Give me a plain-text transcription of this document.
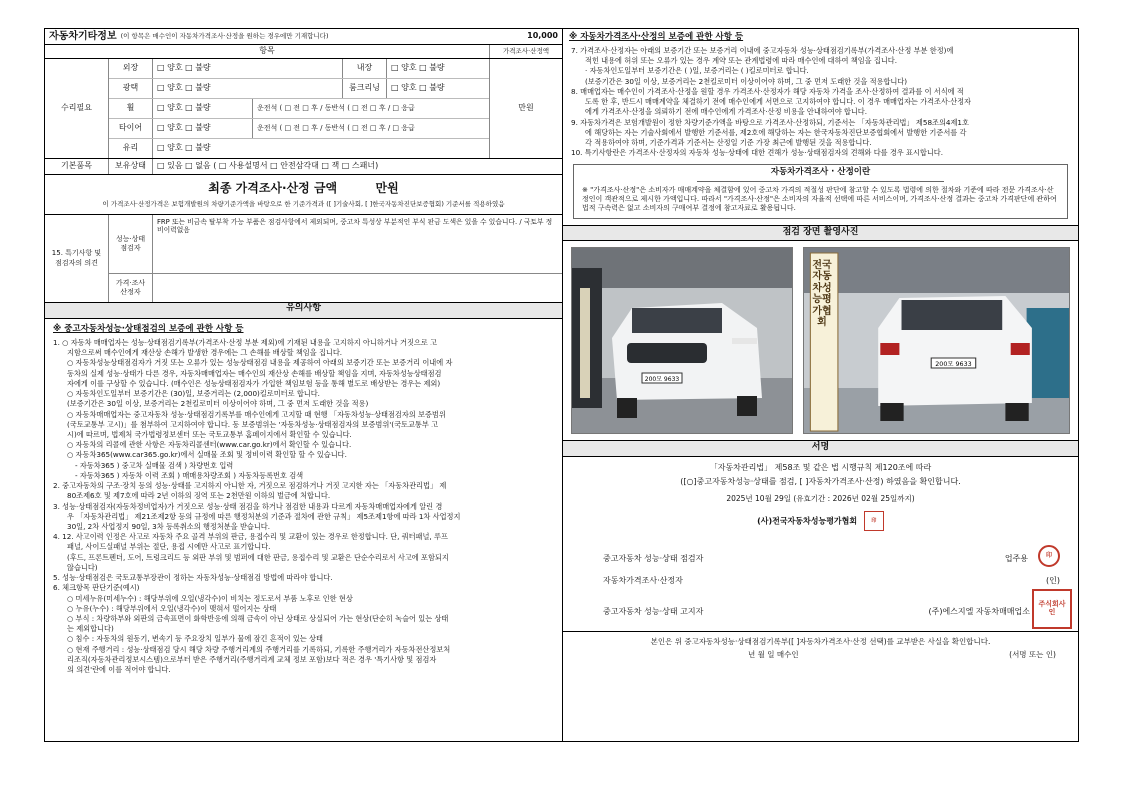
자동차기타정보 (이 항목은 매수인이 자동차가격조사·산정을 원하는 경우에만 기재합니다)	10,000
항목	가격조사·산정액
수리필요
외장	□ 양호 □ 불량	내장	□ 양호 □ 불량
광택	□ 양호 □ 불량	룸크리닝	□ 양호 □ 불량
휠	□ 양호 □ 불량	운전석 ( □ 전 □ 후 / 동반석 ( □ 전 □ 후 / □ 응급
타이어	□ 양호 □ 불량	운전석 ( □ 전 □ 후 / 동반석 ( □ 전 □ 후 / □ 응급
유리	□ 양호 □ 불량
만원
기본품목	보유상태	□ 있음 □ 없음 ( □ 사용설명서 □ 안전삼각대 □ 잭 □ 스패너)
최종 가격조사·산정 금액	만원
이 가격조사·산정가격은 보험개발원의 차량기준가액을 바탕으로 한 기준가격과 ([ ]기술사회, [ ]한국자동차진단보증협회) 기준서를 적용하였음
15. 특기사항 및 점검자의 의견
성능·상태 점검자
FRP 또는 비금속 탈부착 가능 부품은 점검사항에서 제외되며, 중고차 특성상 부분적인 부식 판금 도색은 있을 수 있습니다. / 국토부 정비이력없음
가격·조사 산정자
유의사항
※ 중고자동차성능·상태점검의 보증에 관한 사항 등

1. ○ 자동차 매매업자는 성능·상태점검기록부(가격조사·산정 부분 제외)에 기재된 내용을 고지하지 아니하거나 거짓으로 고

지함으로써 매수인에게 재산상 손해가 발생한 경우에는 그 손해를 배상할 책임을 집니다.

○ 자동차성능상태점검자가 거짓 또는 오류가 있는 성능상태점검 내용을 제공하여 아래의 보증기간 또는 보증거리 이내에 자

동차의 실제 성능·상태가 다른 경우, 자동차매매업자는 매수인의 재산상 손해를 배상할 책임을 지며, 자동차성능상태점검

자에게 이를 구상할 수 있습니다. (매수인은 성능상태점검자가 가입한 책임보험 등을 통해 별도로 배상받는 경우는 제외)

○ 자동차인도일부터 보증기간은 (30)일, 보증거리는 (2,000)킬로미터로 합니다.

(보증기간은 30일 이상, 보증거리는 2천킬로미터 이상이어야 하며, 그 중 먼저 도래한 것을 적용)

○ 자동차매매업자는 중고자동차 성능·상태점검기록부를 매수인에게 고지할 때 현행 「자동차성능·상태점검자의 보증범위

(국토교통부 고시)」를 첨부하여 고지하여야 합니다. 동 보증범위는 '자동차성능·상태점검자의 보증범위'(국토교통부 고

시)에 따르며, 법제처 국가법령정보센터 또는 국토교통부 홈페이지에서 확인할 수 있습니다.

○ 자동차의 리콜에 관한 사항은 자동차리콜센터(www.car.go.kr)에서 확인할 수 있습니다.

○ 자동차365(www.car365.go.kr)에서 실매물 조회 및 정비이력 확인할 할 수 있습니다.

- 자동차365 ) 중고차 실매물 검색 ) 차량번호 입력

- 자동차365 ) 자동차 이력 조회 ) 매매용차량조회 ) 자동차등록번호 검색

2. 중고자동차의 구조·장치 등의 성능·상태를 고지하지 아니한 자, 거짓으로 점검하거나 거짓 고지한 자는 「자동차관리법」 제

80조제6호 및 제7호에 따라 2년 이하의 징역 또는 2천만원 이하의 벌금에 처합니다.

3. 성능·상태점검자(자동차정비업자)가 거짓으로 성능·상태 점검을 하거나 점검한 내용과 다르게 자동차매매업자에게 알린 경

우 「자동차관리법」 제21조제2항 등의 규정에 따른 행정처분의 기준과 절차에 관한 규칙」 제5조제1항에 따라 1차 사업정지

30일, 2차 사업정지 90일, 3차 등록취소의 행정처분을 받습니다.

4. 12. 사고이력 인정은 사고로 자동차 주요 골격 부위의 판금, 용접수리 및 교환이 있는 경우로 한정합니다. 단, 쿼터패널, 루프

패널, 사이드실패널 부위는 절단, 용접 시에만 사고로 표기합니다.

(후드, 프론트펜더, 도어, 트렁크리드 등 외판 부위 및 범퍼에 대한 판금, 용접수리 및 교환은 단순수리로서 사고에 포함되지

않습니다)

5. 성능·상태점검은 국토교통부장관이 정하는 자동차성능·상태점검 방법에 따라야 합니다.

6. 체크항목 판단기준(예시)

○ 미세누유(미세누수) : 해당부위에 오일(냉각수)이 비치는 정도로서 부품 노후로 인한 현상

○ 누유(누수) : 해당부위에서 오일(냉각수)이 맺혀서 떨어지는 상태

○ 부식 : 차량하부와 외판의 금속표면이 화학반응에 의해 금속이 아닌 상태로 상실되어 가는 현상(단순히 녹슬어 있는 상태

는 제외합니다)

○ 침수 : 자동차의 원동기, 변속기 등 주요장치 일부가 물에 잠긴 흔적이 있는 상태

○ 현재 주행거리 : 성능·상태점검 당시 해당 차량 주행거리계의 주행거리를 기록하되, 기록한 주행거리가 자동차전산정보처

리조직(자동차관리정보시스템)으로부터 받은 주행거리(주행거리계 교체 정보 포함)보다 적은 경우 '특기사항 및 점검자

의 의견'란에 이를 적어야 합니다.

※ 자동차가격조사·산정의 보증에 관한 사항 등

7. 가격조사·산정자는 아래의 보증기간 또는 보증거리 이내에 중고자동차 성능·상태점검기록부(가격조사·산정 부분 한정)에

적힌 내용에 허위 또는 오류가 있는 경우 계약 또는 관계법령에 따라 매수인에 대하여 책임을 집니다.

· 자동차인도일부터 보증기간은 ( )일, 보증거리는 ( )킬로미터로 합니다.

(보증기간은 30일 이상, 보증거리는 2천킬로미터 이상이어야 하며, 그 중 먼저 도래한 것을 적용합니다)

8. 매매업자는 매수인이 가격조사·산정을 원할 경우 가격조사·산정자가 해당 자동차 가격을 조사·산정하여 결과를 이 서식에 적

도록 한 후, 반드시 매매계약을 체결하기 전에 매수인에게 서면으로 고지하여야 합니다. 이 경우 매매업자는 가격조사·산정자

에게 가격조사·산정을 의뢰하기 전에 매수인에게 가격조사·산정 비용을 안내하여야 합니다.

9. 자동차가격은 보험개발원이 정한 차량기준가액을 바탕으로 가격조사·산정하되, 기준서는 「자동차관리법」 제58조의4제1호

에 해당하는 자는 기술사회에서 발행한 기준서를, 제2호에 해당하는 자는 한국자동차진단보증협회에서 발행한 기준서를 각

각 적용하여야 하며, 기준가격과 기준서는 산정일 기준 가장 최근에 발행된 것을 적용합니다.

10. 특기사항란은 가격조사·산정자의 자동차 성능·상태에 대한 견해가 성능·상태점검자의 견해와 다를 경우 표시합니다.

자동차가격조사 · 산정이란
※ "가격조사·산정"은 소비자가 매매계약을 체결함에 있어 중고차 가격의 적절성 판단에 참고할 수 있도록 법령에 의한 절차와 기준에 따라 전문 가격조사·산정인이 객관적으로 제시한 가액입니다. 따라서 "가격조사·산정"은 소비자의 자율적 선택에 따른 서비스이며, 가격조사·산정 결과는 중고차 가격판단에 관하여 법적 구속력은 없고 소비자의 구매여부 결정에 참고자료로 활용됩니다.
점검 장면 촬영사진
200모 9633
200모 9633
전국자동차성능평가협회
서명
「자동차관리법」 제58조 및 같은 법 시행규칙 제120조에 따라
([○]중고자동차성능·상태를 점검, [ ]자동차가격조사·산정) 하였음을 확인합니다.
2025년 10월 29일 (유효기간 : 2026년 02월 25일까지)
(사)전국자동차성능평가협회	印
중고자동차 성능·상태 점검자	업주용	印
자동차가격조사·산정자	(인)
중고자동차 성능·상태 고지자	(주)에스지엘 자동차매매업소
주식회사 인
본인은 위 중고자동차성능·상태점검기록부([ ]자동차가격조사·산정 선택)를 교부받은 사실을 확인합니다.
년 월 일 매수인	(서명 또는 인)
